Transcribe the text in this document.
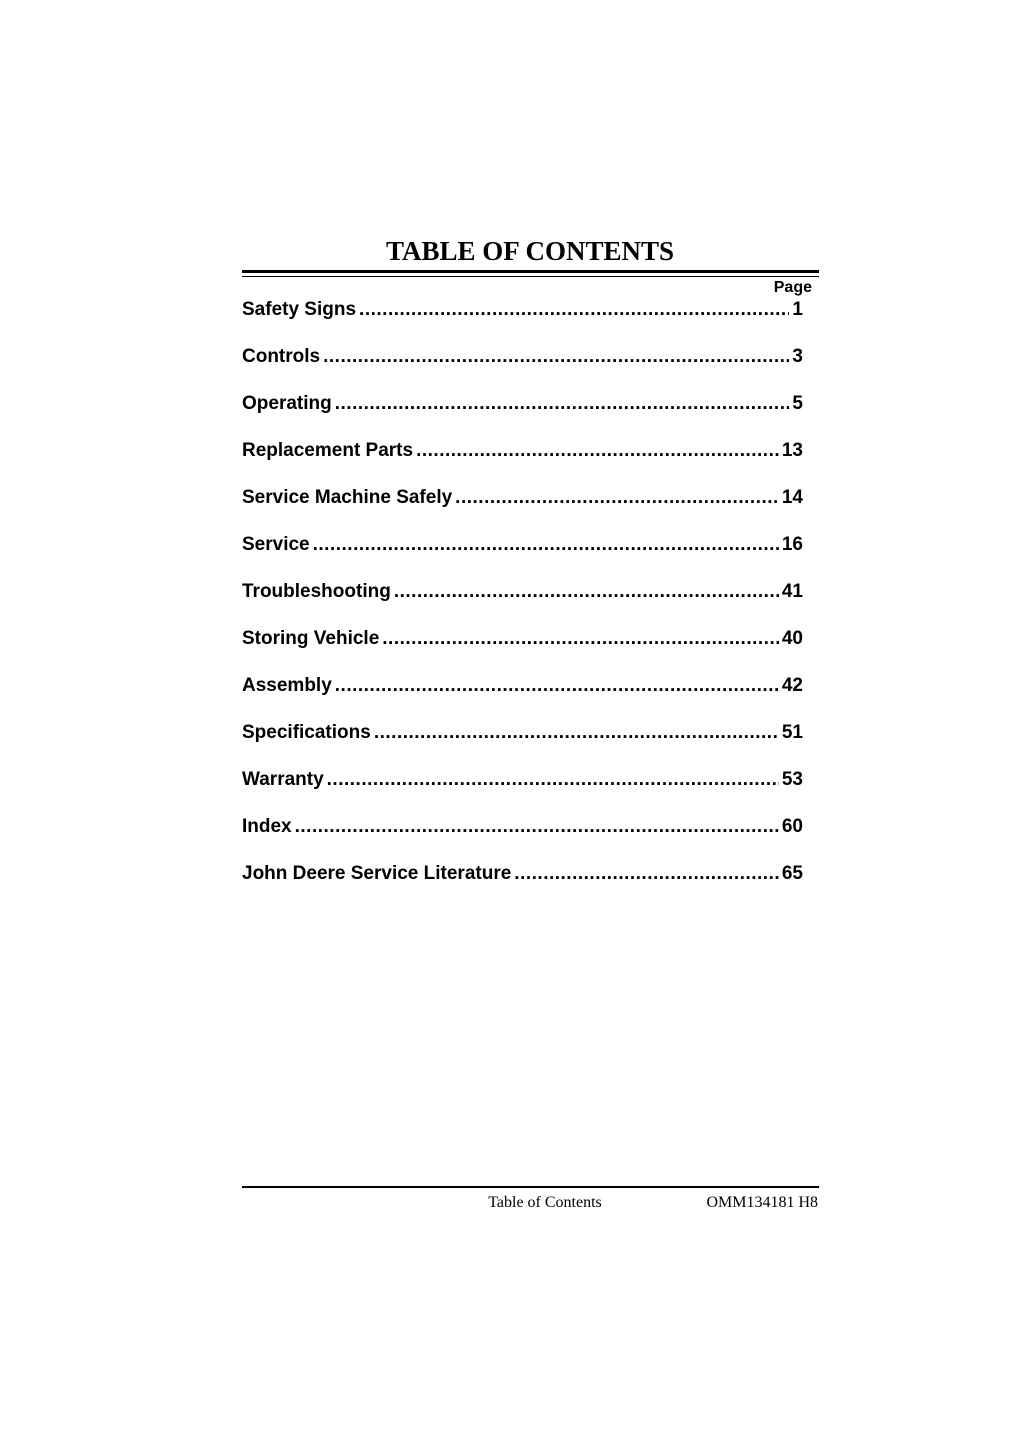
TABLE OF CONTENTS
Page
Safety Signs .....	1
Controls .....	3
Operating .....	5
Replacement Parts .....	13
Service Machine Safely .....	14
Service .....	16
Troubleshooting .....	41
Storing Vehicle .....	40
Assembly .....	42
Specifications .....	51
Warranty .....	53
Index .....	60
John Deere Service Literature .....	65
Table of Contents	OMM134181 H8
